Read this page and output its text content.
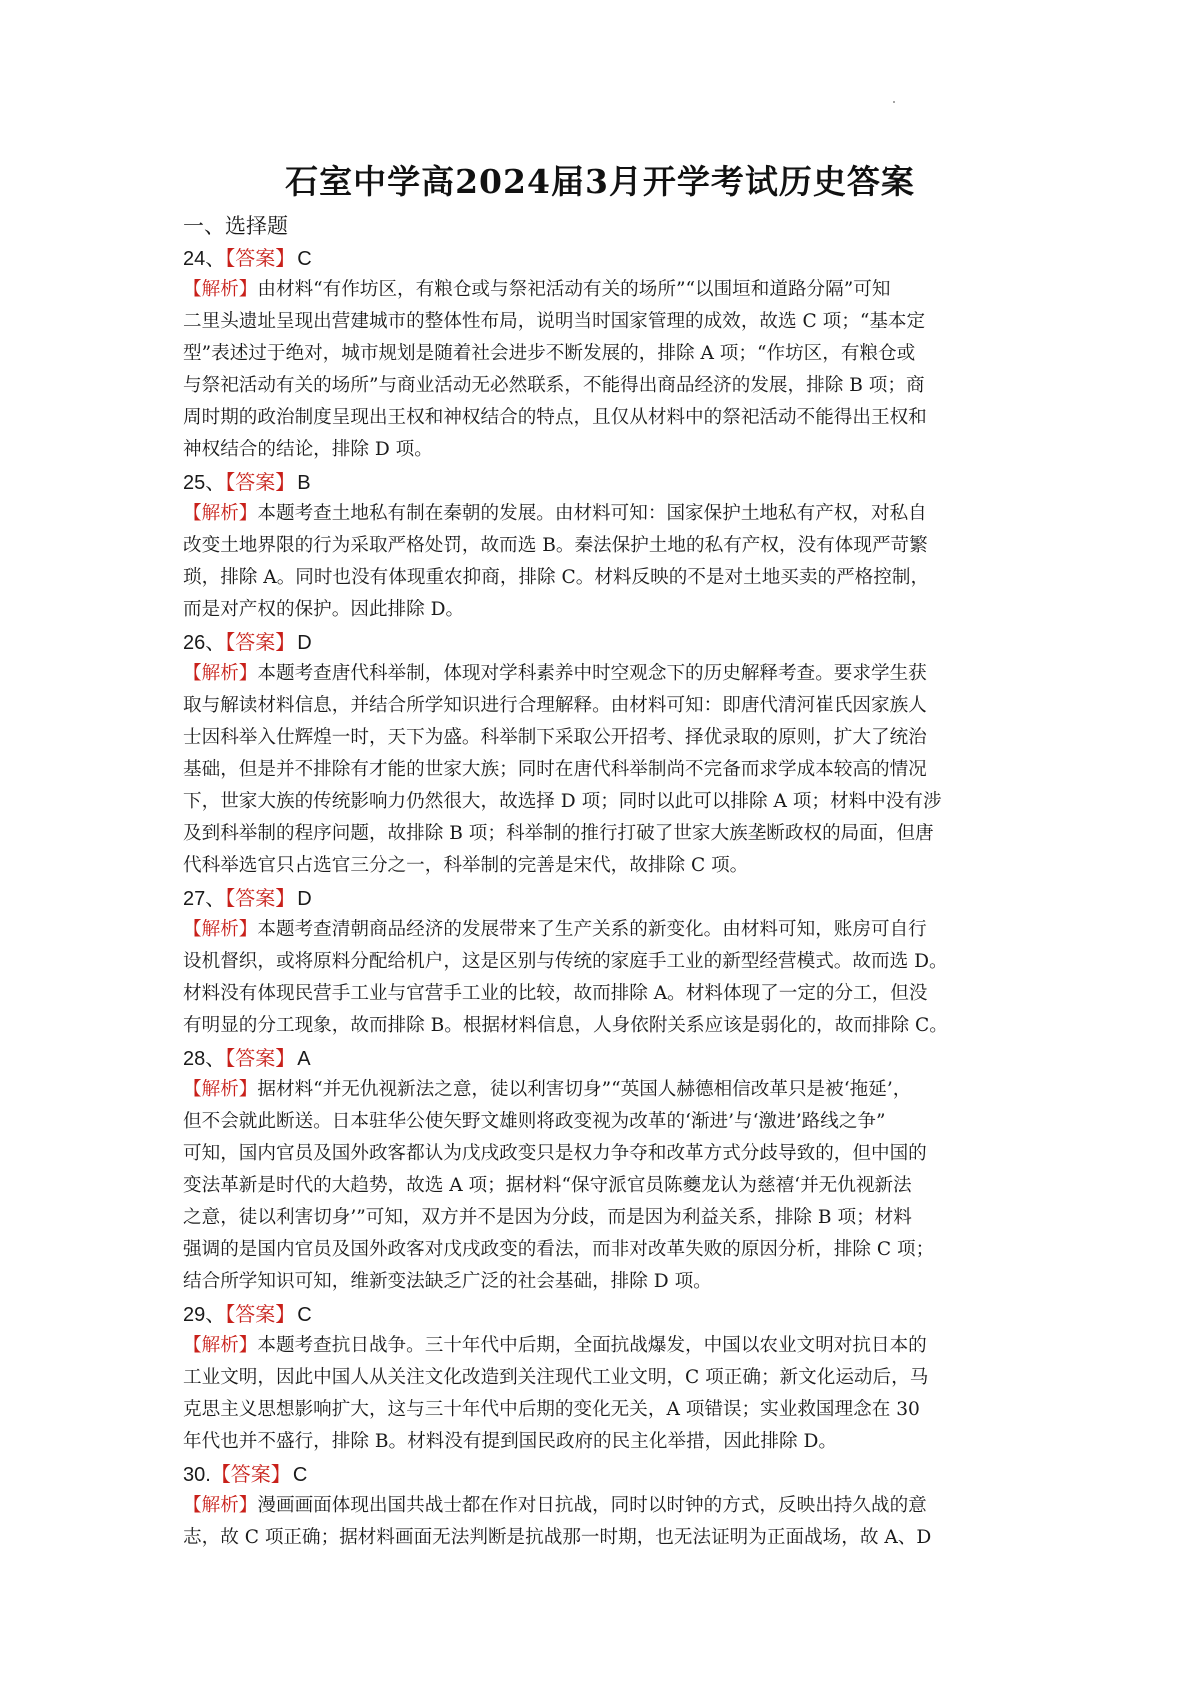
石室中学高2024届3月开学考试历史答案
一、选择题
24、【答案】 C
【解析】由材料“有作坊区，有粮仓或与祭祀活动有关的场所”“以围垣和道路分隔”可知
二里头遗址呈现出营建城市的整体性布局，说明当时国家管理的成效，故选 C 项；“基本定
型”表述过于绝对，城市规划是随着社会进步不断发展的，排除 A 项；“作坊区，有粮仓或
与祭祀活动有关的场所”与商业活动无必然联系，不能得出商品经济的发展，排除 B 项；商
周时期的政治制度呈现出王权和神权结合的特点，且仅从材料中的祭祀活动不能得出王权和
神权结合的结论，排除 D 项。
25、【答案】 B
【解析】本题考查土地私有制在秦朝的发展。由材料可知：国家保护土地私有产权，对私自
改变土地界限的行为采取严格处罚，故而选 B。秦法保护土地的私有产权，没有体现严苛繁
琐，排除 A。同时也没有体现重农抑商，排除 C。材料反映的不是对土地买卖的严格控制，
而是对产权的保护。因此排除 D。
26、【答案】 D
【解析】本题考查唐代科举制，体现对学科素养中时空观念下的历史解释考查。要求学生获
取与解读材料信息，并结合所学知识进行合理解释。由材料可知：即唐代清河崔氏因家族人
士因科举入仕辉煌一时，天下为盛。科举制下采取公开招考、择优录取的原则，扩大了统治
基础，但是并不排除有才能的世家大族；同时在唐代科举制尚不完备而求学成本较高的情况
下，世家大族的传统影响力仍然很大，故选择 D 项；同时以此可以排除 A 项；材料中没有涉
及到科举制的程序问题，故排除 B 项；科举制的推行打破了世家大族垄断政权的局面，但唐
代科举选官只占选官三分之一，科举制的完善是宋代，故排除 C 项。
27、【答案】 D
【解析】本题考查清朝商品经济的发展带来了生产关系的新变化。由材料可知，账房可自行
设机督织，或将原料分配给机户，这是区别与传统的家庭手工业的新型经营模式。故而选 D。
材料没有体现民营手工业与官营手工业的比较，故而排除 A。材料体现了一定的分工，但没
有明显的分工现象，故而排除 B。根据材料信息，人身依附关系应该是弱化的，故而排除 C。
28、【答案】 A
【解析】据材料“并无仇视新法之意，徒以利害切身”“英国人赫德相信改革只是被‘拖延’，
但不会就此断送。日本驻华公使矢野文雄则将政变视为改革的‘渐进’与‘激进’路线之争”
可知，国内官员及国外政客都认为戊戌政变只是权力争夺和改革方式分歧导致的，但中国的
变法革新是时代的大趋势，故选 A 项；据材料“保守派官员陈夔龙认为慈禧‘并无仇视新法
之意，徒以利害切身’”可知，双方并不是因为分歧，而是因为利益关系，排除 B 项；材料
强调的是国内官员及国外政客对戊戌政变的看法，而非对改革失败的原因分析，排除 C 项；
结合所学知识可知，维新变法缺乏广泛的社会基础，排除 D 项。
29、【答案】 C
【解析】本题考查抗日战争。三十年代中后期，全面抗战爆发，中国以农业文明对抗日本的
工业文明，因此中国人从关注文化改造到关注现代工业文明，C 项正确；新文化运动后，马
克思主义思想影响扩大，这与三十年代中后期的变化无关，A 项错误；实业救国理念在 30
年代也并不盛行，排除 B。材料没有提到国民政府的民主化举措，因此排除 D。
30.【答案】 C
【解析】漫画画面体现出国共战士都在作对日抗战，同时以时钟的方式，反映出持久战的意
志，故 C 项正确；据材料画面无法判断是抗战那一时期，也无法证明为正面战场，故 A、D
